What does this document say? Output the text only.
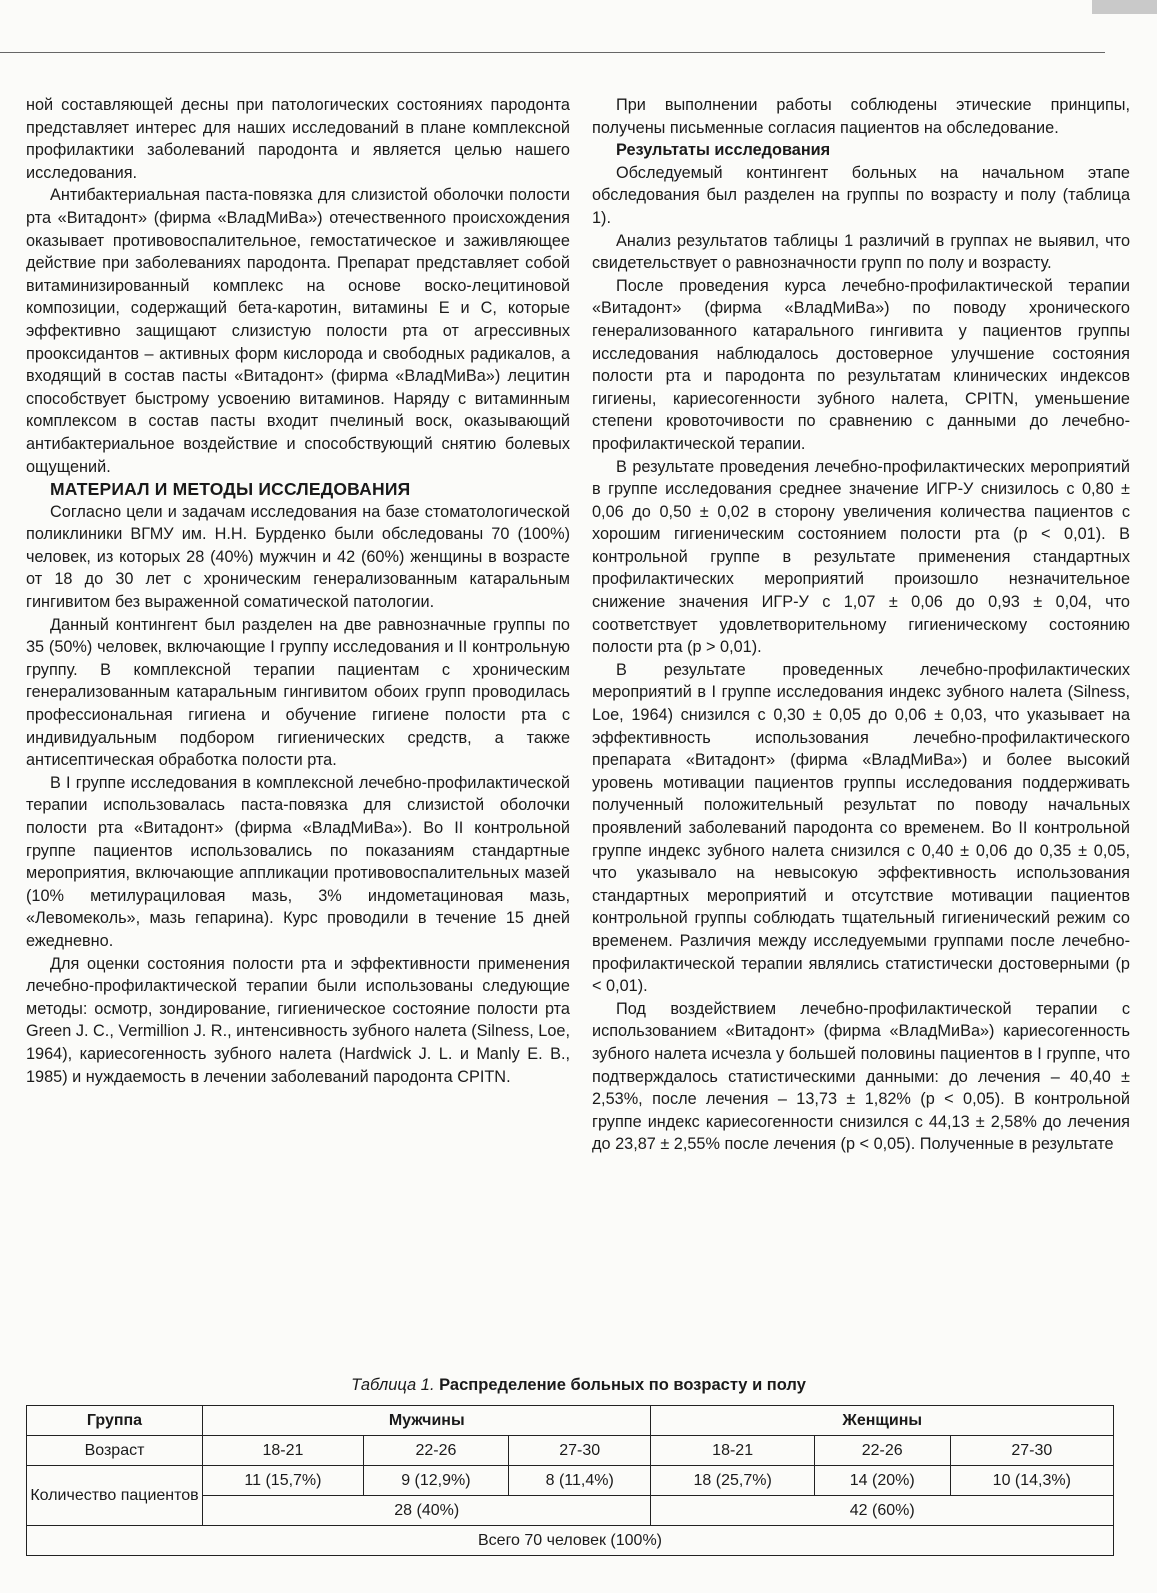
ной составляющей десны при патологических состояниях пародонта представляет интерес для наших исследований в плане комплексной профилактики заболеваний пародонта и является целью нашего исследования.

Антибактериальная паста-повязка для слизистой оболочки полости рта «Витадонт» (фирма «ВладМиВа») отечественного происхождения оказывает противовоспалительное, гемостатическое и заживляющее действие при заболеваниях пародонта. Препарат представляет собой витаминизированный комплекс на основе воско-лецитиновой композиции, содержащий бета-каротин, витамины Е и С, которые эффективно защищают слизистую полости рта от агрессивных прооксидантов – активных форм кислорода и свободных радикалов, а входящий в состав пасты «Витадонт» (фирма «ВладМиВа») лецитин способствует быстрому усвоению витаминов. Наряду с витаминным комплексом в состав пасты входит пчелиный воск, оказывающий антибактериальное воздействие и способствующий снятию болевых ощущений.

МАТЕРИАЛ И МЕТОДЫ ИССЛЕДОВАНИЯ

Согласно цели и задачам исследования на базе стоматологической поликлиники ВГМУ им. Н.Н. Бурденко были обследованы 70 (100%) человек, из которых 28 (40%) мужчин и 42 (60%) женщины в возрасте от 18 до 30 лет с хроническим генерализованным катаральным гингивитом без выраженной соматической патологии.

Данный контингент был разделен на две равнозначные группы по 35 (50%) человек, включающие I группу исследования и II контрольную группу. В комплексной терапии пациентам с хроническим генерализованным катаральным гингивитом обоих групп проводилась профессиональная гигиена и обучение гигиене полости рта с индивидуальным подбором гигиенических средств, а также антисептическая обработка полости рта.

В I группе исследования в комплексной лечебно-профилактической терапии использовалась паста-повязка для слизистой оболочки полости рта «Витадонт» (фирма «ВладМиВа»). Во II контрольной группе пациентов использовались по показаниям стандартные мероприятия, включающие аппликации противовоспалительных мазей (10% метилурациловая мазь, 3% индометациновая мазь, «Левомеколь», мазь гепарина). Курс проводили в течение 15 дней ежедневно.

Для оценки состояния полости рта и эффективности применения лечебно-профилактической терапии были использованы следующие методы: осмотр, зондирование, гигиеническое состояние полости рта Green J. C., Vermillion J. R., интенсивность зубного налета (Silness, Loe, 1964), кариесогенность зубного налета (Hardwick J. L. и Manly E. B., 1985) и нуждаемость в лечении заболеваний пародонта CPITN.

При выполнении работы соблюдены этические принципы, получены письменные согласия пациентов на обследование.

Результаты исследования

Обследуемый контингент больных на начальном этапе обследования был разделен на группы по возрасту и полу (таблица 1).

Анализ результатов таблицы 1 различий в группах не выявил, что свидетельствует о равнозначности групп по полу и возрасту.

После проведения курса лечебно-профилактической терапии «Витадонт» (фирма «ВладМиВа») по поводу хронического генерализованного катарального гингивита у пациентов группы исследования наблюдалось достоверное улучшение состояния полости рта и пародонта по результатам клинических индексов гигиены, кариесогенности зубного налета, CPITN, уменьшение степени кровоточивости по сравнению с данными до лечебно-профилактической терапии.

В результате проведения лечебно-профилактических мероприятий в группе исследования среднее значение ИГР-У снизилось с 0,80 ± 0,06 до 0,50 ± 0,02 в сторону увеличения количества пациентов с хорошим гигиеническим состоянием полости рта (р < 0,01). В контрольной группе в результате применения стандартных профилактических мероприятий произошло незначительное снижение значения ИГР-У с 1,07 ± 0,06 до 0,93 ± 0,04, что соответствует удовлетворительному гигиеническому состоянию полости рта (р > 0,01).

В результате проведенных лечебно-профилактических мероприятий в I группе исследования индекс зубного налета (Silness, Loe, 1964) снизился с 0,30 ± 0,05 до 0,06 ± 0,03, что указывает на эффективность использования лечебно-профилактического препарата «Витадонт» (фирма «ВладМиВа») и более высокий уровень мотивации пациентов группы исследования поддерживать полученный положительный результат по поводу начальных проявлений заболеваний пародонта со временем. Во II контрольной группе индекс зубного налета снизился с 0,40 ± 0,06 до 0,35 ± 0,05, что указывало на невысокую эффективность использования стандартных мероприятий и отсутствие мотивации пациентов контрольной группы соблюдать тщательный гигиенический режим со временем. Различия между исследуемыми группами после лечебно-профилактической терапии являлись статистически достоверными (р < 0,01).

Под воздействием лечебно-профилактической терапии с использованием «Витадонт» (фирма «ВладМиВа») кариесогенность зубного налета исчезла у большей половины пациентов в I группе, что подтверждалось статистическими данными: до лечения – 40,40 ± 2,53%, после лечения – 13,73 ± 1,82% (р < 0,05). В контрольной группе индекс кариесогенности снизился с 44,13 ± 2,58% до лечения до 23,87 ± 2,55% после лечения (р < 0,05). Полученные в результате

Таблица 1. Распределение больных по возрасту и полу
Группа	Мужчины			Женщины		
Возраст	18-21	22-26	27-30	18-21	22-26	27-30
Количество пациентов	11 (15,7%)	9 (12,9%)	8 (11,4%)	18 (25,7%)	14 (20%)	10 (14,3%)
	28 (40%)			42 (60%)		
Всего 70 человек (100%)						
